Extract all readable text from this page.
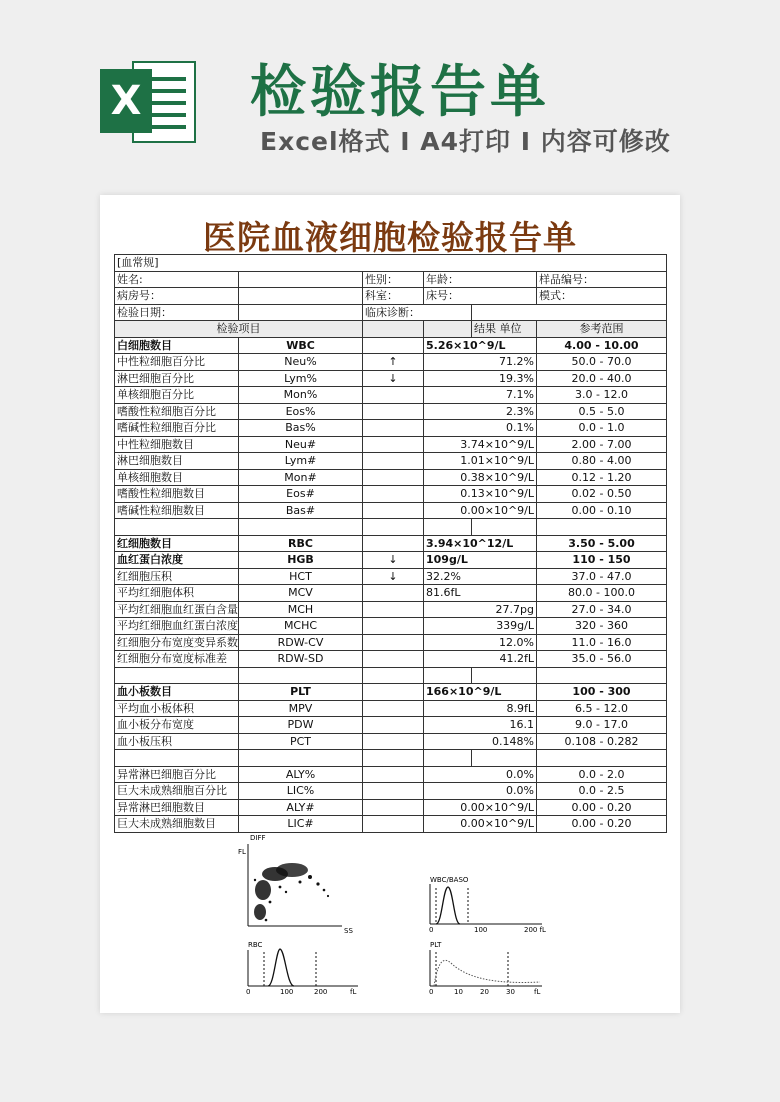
X 检验报告单
Excel格式 I A4打印 I 内容可修改
医院血液细胞检验报告单
[血常规]					
姓名:		性别：	年龄：		样品编号：
病房号：		科室：	床号：		模式：
检验日期：		临床诊断：			
检验项目				结果 单位	参考范围
白细胞数目	WBC		5.26×10^9/L		4.00 - 10.00
中性粒细胞百分比	Neu%	↑	71.2%		50.0 - 70.0
淋巴细胞百分比	Lym%	↓	19.3%		20.0 - 40.0
单核细胞百分比	Mon%		7.1%		3.0 - 12.0
嗜酸性粒细胞百分比	Eos%		2.3%		0.5 - 5.0
嗜碱性粒细胞百分比	Bas%		0.1%		0.0 - 1.0
中性粒细胞数目	Neu#		3.74×10^9/L		2.00 - 7.00
淋巴细胞数目	Lym#		1.01×10^9/L		0.80 - 4.00
单核细胞数目	Mon#		0.38×10^9/L		0.12 - 1.20
嗜酸性粒细胞数目	Eos#		0.13×10^9/L		0.02 - 0.50
嗜碱性粒细胞数目	Bas#		0.00×10^9/L		0.00 - 0.10

红细胞数目	RBC		3.94×10^12/L		3.50 - 5.00
血红蛋白浓度	HGB	↓	109g/L		110 - 150
红细胞压积	HCT	↓	32.2%		37.0 - 47.0
平均红细胞体积	MCV		81.6fL		80.0 - 100.0
平均红细胞血红蛋白含量	MCH		27.7pg		27.0 - 34.0
平均红细胞血红蛋白浓度	MCHC		339g/L		320 - 360
红细胞分布宽度变异系数	RDW-CV		12.0%		11.0 - 16.0
红细胞分布宽度标准差	RDW-SD		41.2fL		35.0 - 56.0

血小板数目	PLT		166×10^9/L		100 - 300
平均血小板体积	MPV		8.9fL		6.5 - 12.0
血小板分布宽度	PDW		16.1		9.0 - 17.0
血小板压积	PCT		0.148%		0.108 - 0.282

异常淋巴细胞百分比	ALY%		0.0%		0.0 - 2.0
巨大未成熟细胞百分比	LIC%		0.0%		0.0 - 2.5
异常淋巴细胞数目	ALY#		0.00×10^9/L		0.00 - 0.20
巨大未成熟细胞数目	LIC#		0.00×10^9/L		0.00 - 0.20
DIFF
FL
SS
WBC/BASO
0	100	200 fL
RBC
0	100	200	fL
PLT
0	10 20 30	fL
